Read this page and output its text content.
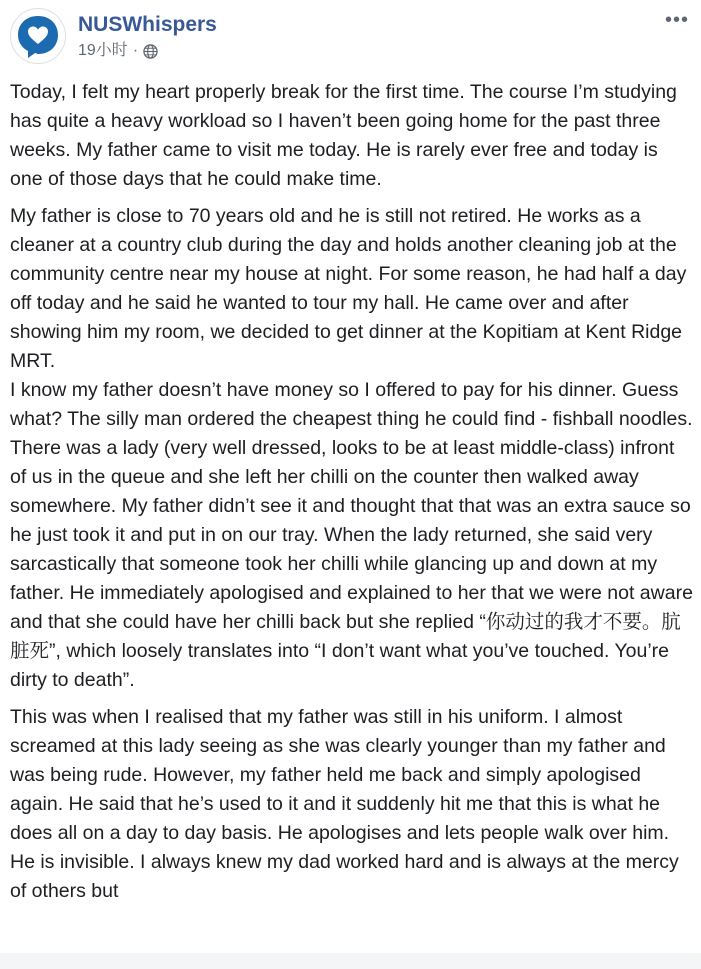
NUSWhispers
19小时 ·
•••

Today, I felt my heart properly break for the first time. The course I’m studying has quite a heavy workload so I haven’t been going home for the past three weeks. My father came to visit me today. He is rarely ever free and today is one of those days that he could make time.

My father is close to 70 years old and he is still not retired. He works as a cleaner at a country club during the day and holds another cleaning job at the community centre near my house at night. For some reason, he had half a day off today and he said he wanted to tour my hall. He came over and after showing him my room, we decided to get dinner at the Kopitiam at Kent Ridge MRT.

I know my father doesn’t have money so I offered to pay for his dinner. Guess what? The silly man ordered the cheapest thing he could find - fishball noodles. There was a lady (very well dressed, looks to be at least middle-class) infront of us in the queue and she left her chilli on the counter then walked away somewhere. My father didn’t see it and thought that that was an extra sauce so he just took it and put in on our tray. When the lady returned, she said very sarcastically that someone took her chilli while glancing up and down at my father. He immediately apologised and explained to her that we were not aware and that she could have her chilli back but she replied “你动过的我才不要。肮脏死”, which loosely translates into “I don’t want what you’ve touched. You’re dirty to death”.

This was when I realised that my father was still in his uniform. I almost screamed at this lady seeing as she was clearly younger than my father and was being rude. However, my father held me back and simply apologised again. He said that he’s used to it and it suddenly hit me that this is what he does all on a day to day basis. He apologises and lets people walk over him. He is invisible. I always knew my dad worked hard and is always at the mercy of others but
